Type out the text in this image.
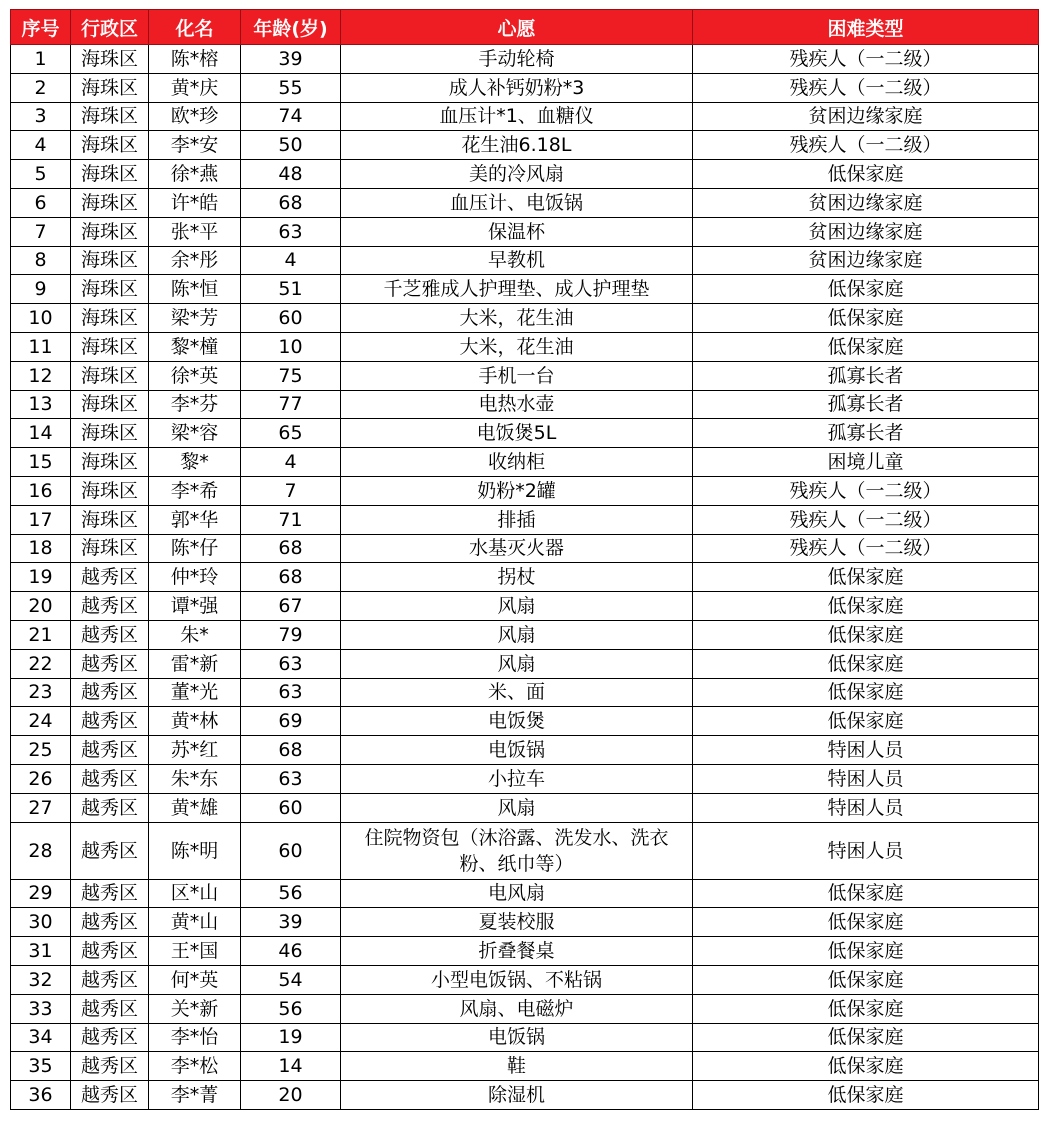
序号	行政区	化名	年龄(岁)	心愿	困难类型
1	海珠区	陈*榕	39	手动轮椅	残疾人（一二级）
2	海珠区	黄*庆	55	成人补钙奶粉*3	残疾人（一二级）
3	海珠区	欧*珍	74	血压计*1、血糖仪	贫困边缘家庭
4	海珠区	李*安	50	花生油6.18L	残疾人（一二级）
5	海珠区	徐*燕	48	美的冷风扇	低保家庭
6	海珠区	许*皓	68	血压计、电饭锅	贫困边缘家庭
7	海珠区	张*平	63	保温杯	贫困边缘家庭
8	海珠区	余*彤	4	早教机	贫困边缘家庭
9	海珠区	陈*恒	51	千芝雅成人护理垫、成人护理垫	低保家庭
10	海珠区	梁*芳	60	大米，花生油	低保家庭
11	海珠区	黎*橦	10	大米，花生油	低保家庭
12	海珠区	徐*英	75	手机一台	孤寡长者
13	海珠区	李*芬	77	电热水壶	孤寡长者
14	海珠区	梁*容	65	电饭煲5L	孤寡长者
15	海珠区	黎*	4	收纳柜	困境儿童
16	海珠区	李*希	7	奶粉*2罐	残疾人（一二级）
17	海珠区	郭*华	71	排插	残疾人（一二级）
18	海珠区	陈*仔	68	水基灭火器	残疾人（一二级）
19	越秀区	仲*玲	68	拐杖	低保家庭
20	越秀区	谭*强	67	风扇	低保家庭
21	越秀区	朱*	79	风扇	低保家庭
22	越秀区	雷*新	63	风扇	低保家庭
23	越秀区	董*光	63	米、面	低保家庭
24	越秀区	黄*林	69	电饭煲	低保家庭
25	越秀区	苏*红	68	电饭锅	特困人员
26	越秀区	朱*东	63	小拉车	特困人员
27	越秀区	黄*雄	60	风扇	特困人员
28	越秀区	陈*明	60	住院物资包（沐浴露、洗发水、洗衣粉、纸巾等）	特困人员
29	越秀区	区*山	56	电风扇	低保家庭
30	越秀区	黄*山	39	夏装校服	低保家庭
31	越秀区	王*国	46	折叠餐桌	低保家庭
32	越秀区	何*英	54	小型电饭锅、不粘锅	低保家庭
33	越秀区	关*新	56	风扇、电磁炉	低保家庭
34	越秀区	李*怡	19	电饭锅	低保家庭
35	越秀区	李*松	14	鞋	低保家庭
36	越秀区	李*菁	20	除湿机	低保家庭
